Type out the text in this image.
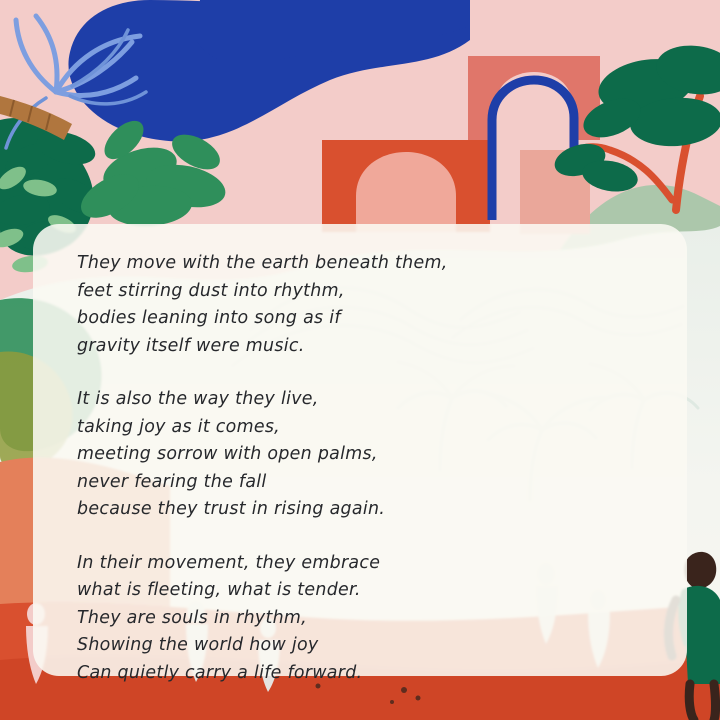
They move with the earth beneath them,
feet stirring dust into rhythm,
bodies leaning into song as if
gravity itself were music.
It is also the way they live,
taking joy as it comes,
meeting sorrow with open palms,
never fearing the fall
because they trust in rising again.
In their movement, they embrace
what is fleeting, what is tender.
They are souls in rhythm,
Showing the world how joy
Can quietly carry a life forward.
